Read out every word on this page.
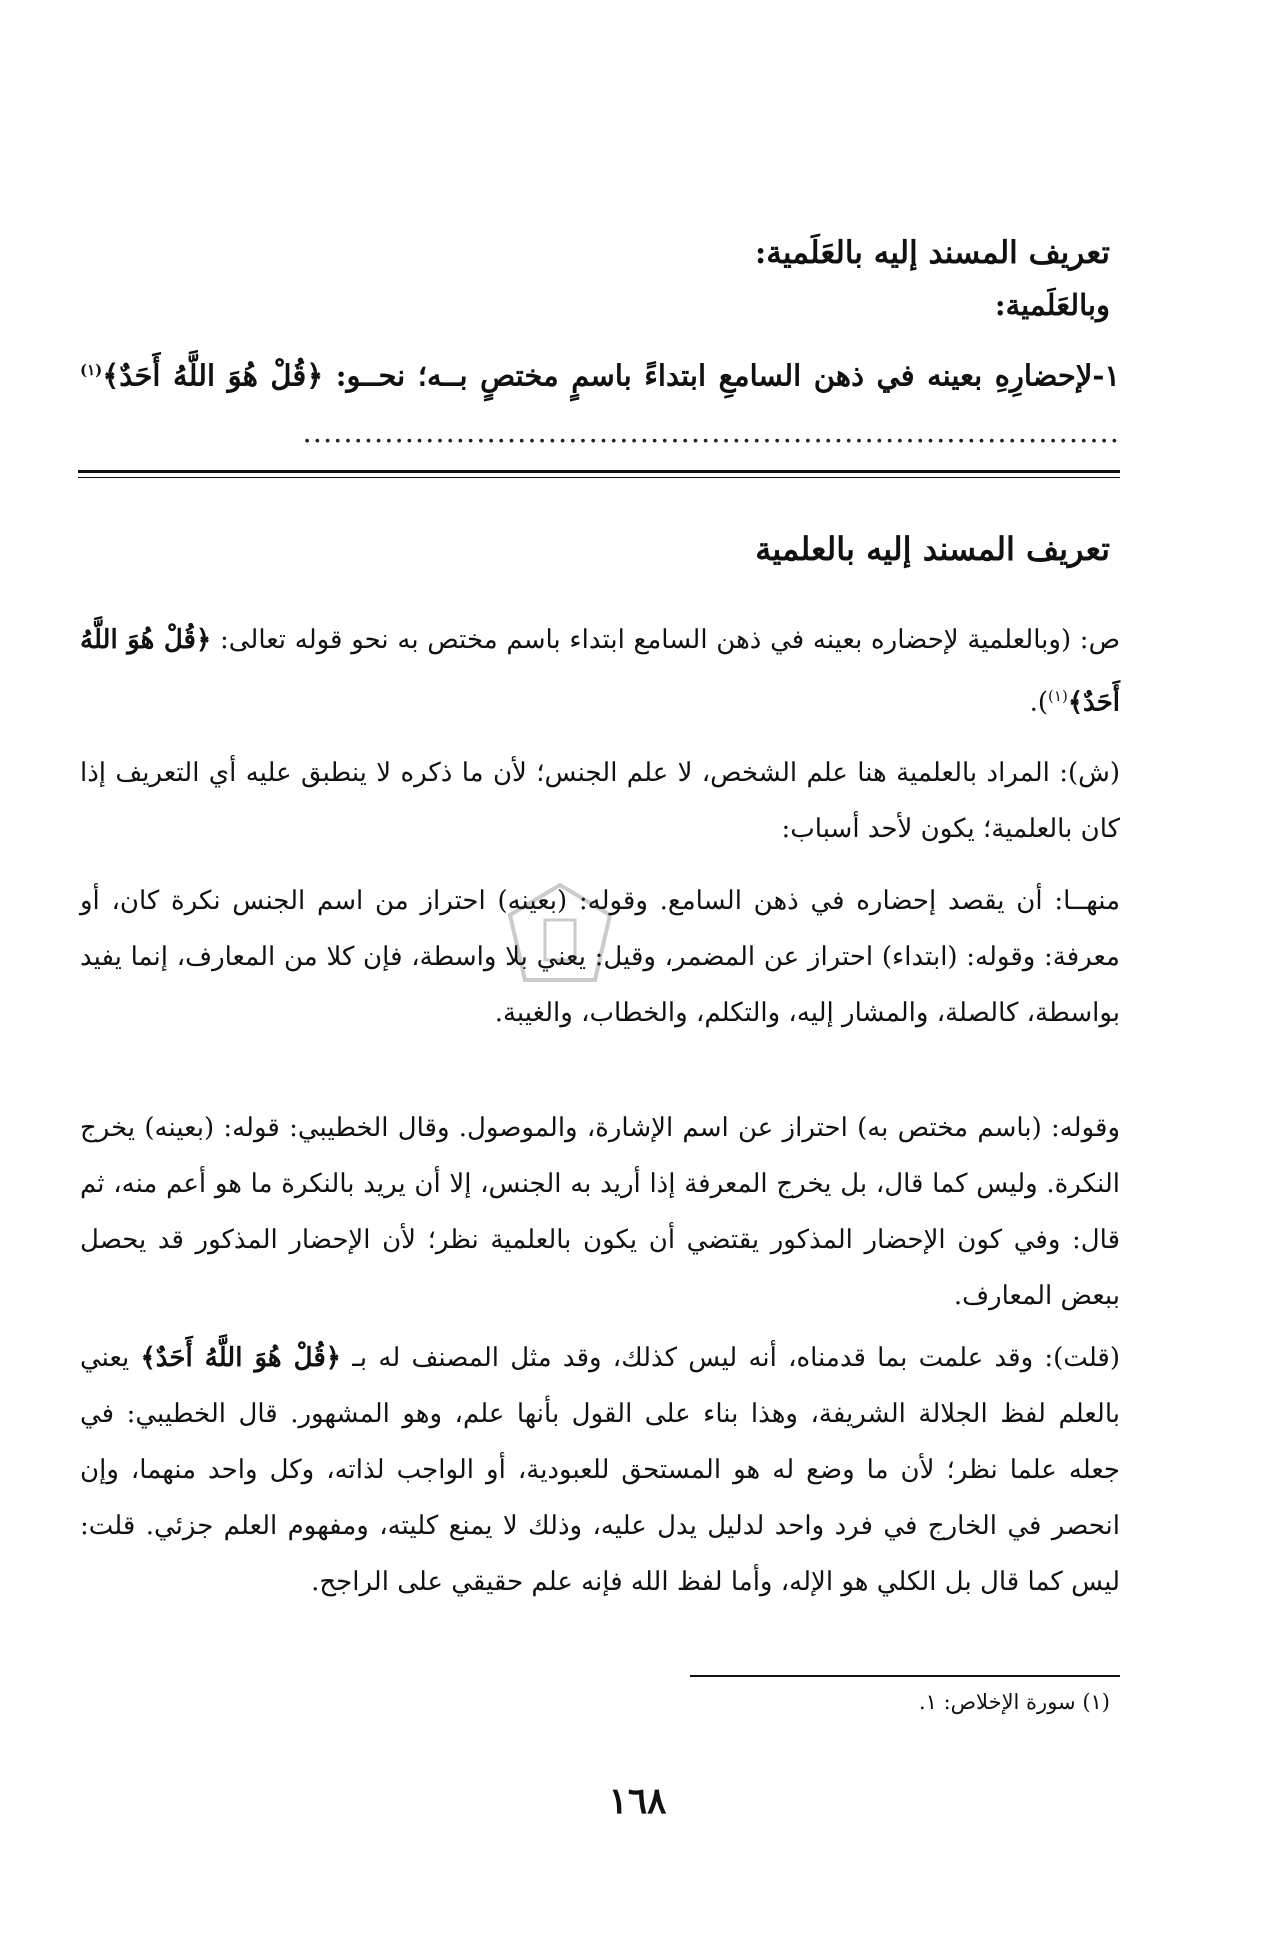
تعريف المسند إليه بالعَلَمية:
وبالعَلَمية:
١-لإحضارِهِ بعينه في ذهن السامعِ ابتداءً باسمٍ مختصٍ بــه؛ نحــو: ﴿قُلْ هُوَ اللَّهُ أَحَدٌ﴾$^{(١)}$ ................................................................................
تعريف المسند إليه بالعلمية
ص: (وبالعلمية لإحضاره بعينه في ذهن السامع ابتداء باسم مختص به نحو قوله تعالى: ﴿قُلْ هُوَ اللَّهُ أَحَدٌ﴾$^{(١)}$).
(ش): المراد بالعلمية هنا علم الشخص، لا علم الجنس؛ لأن ما ذكره لا ينطبق عليه أي التعريف إذا كان بالعلمية؛ يكون لأحد أسباب:
منهــا: أن يقصد إحضاره في ذهن السامع. وقوله: (بعينه) احتراز من اسم الجنس نكرة كان، أو معرفة: وقوله: (ابتداء) احتراز عن المضمر، وقيل: يعني بلا واسطة، فإن كلا من المعارف، إنما يفيد بواسطة، كالصلة، والمشار إليه، والتكلم، والخطاب، والغيبة.
وقوله: (باسم مختص به) احتراز عن اسم الإشارة، والموصول. وقال الخطيبي: قوله: (بعينه) يخرج النكرة. وليس كما قال، بل يخرج المعرفة إذا أريد به الجنس، إلا أن يريد بالنكرة ما هو أعم منه، ثم قال: وفي كون الإحضار المذكور يقتضي أن يكون بالعلمية نظر؛ لأن الإحضار المذكور قد يحصل ببعض المعارف.
(قلت): وقد علمت بما قدمناه، أنه ليس كذلك، وقد مثل المصنف له بـ ﴿قُلْ هُوَ اللَّهُ أَحَدٌ﴾ يعني بالعلم لفظ الجلالة الشريفة، وهذا بناء على القول بأنها علم، وهو المشهور. قال الخطيبي: في جعله علما نظر؛ لأن ما وضع له هو المستحق للعبودية، أو الواجب لذاته، وكل واحد منهما، وإن انحصر في الخارج في فرد واحد لدليل يدل عليه، وذلك لا يمنع كليته، ومفهوم العلم جزئي. قلت: ليس كما قال بل الكلي هو الإله، وأما لفظ الله فإنه علم حقيقي على الراجح.
(١) سورة الإخلاص: ١.
١٦٨
